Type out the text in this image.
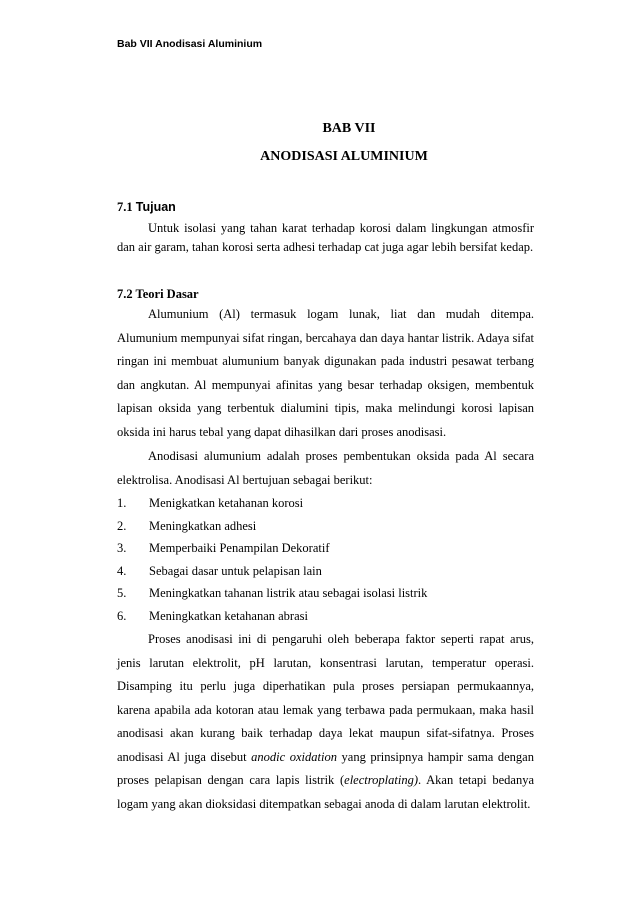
Bab VII Anodisasi Aluminium
BAB VII
ANODISASI ALUMINIUM

7.1 Tujuan

Untuk isolasi yang tahan karat terhadap korosi dalam lingkungan atmosfir dan air garam, tahan korosi serta adhesi terhadap cat juga agar lebih bersifat kedap.

7.2 Teori Dasar

Alumunium (Al) termasuk logam lunak, liat dan mudah ditempa. Alumunium mempunyai sifat ringan, bercahaya dan daya hantar listrik. Adaya sifat ringan ini membuat alumunium banyak digunakan pada industri pesawat terbang dan angkutan. Al mempunyai afinitas yang besar terhadap oksigen, membentuk lapisan oksida yang terbentuk dialumini tipis, maka melindungi korosi lapisan oksida ini harus tebal yang dapat dihasilkan dari proses anodisasi.

Anodisasi alumunium adalah proses pembentukan oksida pada Al secara elektrolisa. Anodisasi Al bertujuan sebagai berikut:

1.	Menigkatkan ketahanan korosi
2.	Meningkatkan adhesi
3.	Memperbaiki Penampilan Dekoratif
4.	Sebagai dasar untuk pelapisan lain
5.	Meningkatkan tahanan listrik atau sebagai isolasi listrik
6.	Meningkatkan ketahanan abrasi

Proses anodisasi ini di pengaruhi oleh beberapa faktor seperti rapat arus, jenis larutan elektrolit, pH larutan, konsentrasi larutan, temperatur operasi. Disamping itu perlu juga diperhatikan pula proses persiapan permukaannya, karena apabila ada kotoran atau lemak yang terbawa pada permukaan, maka hasil anodisasi akan kurang baik terhadap daya lekat maupun sifat-sifatnya. Proses anodisasi Al juga disebut anodic oxidation yang prinsipnya hampir sama dengan proses pelapisan dengan cara lapis listrik (electroplating). Akan tetapi bedanya logam yang akan dioksidasi ditempatkan sebagai anoda di dalam larutan elektrolit.
